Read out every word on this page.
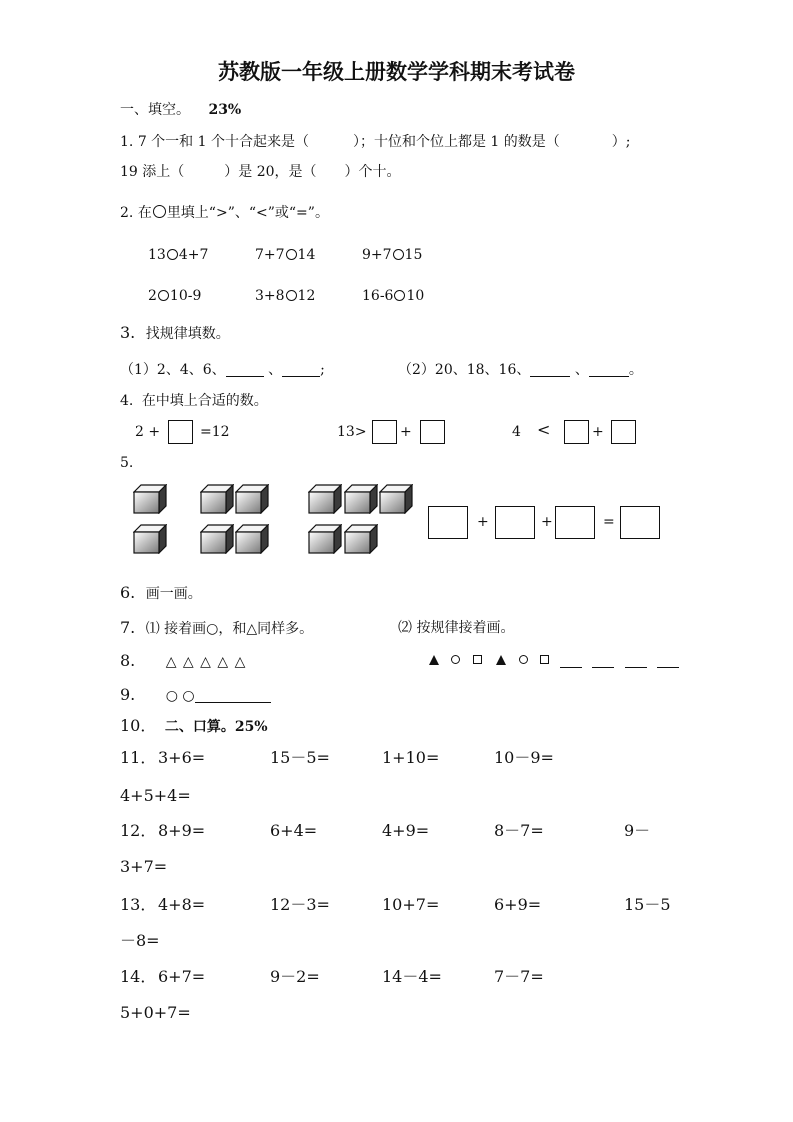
苏教版一年级上册数学学科期末考试卷
一、填空。 23%
1. 7 个一和 1 个十合起来是（	）；十位和个位上都是 1 的数是（	）;
19 添上（	）是 20，是（ ）个十。
2. 在 里填上“>”、“<”或“=”。
13 4+7	7+7 14	9+7 15
2 10-9	3+8 12	16-6 10
3. 找规律填数。
（1）2、4、6、	、	;	（2）20、18、16、	、	。
4. 在中填上合适的数。
2 +	=12	13> +	4 <	+
5.
+	+	=
6. 画一画。
7. ⑴ 接着画○，和△同样多。	⑵ 按规律接着画。
8. △ △ △ △ △

9. ○ ○
10． 二、口算。25%
11． 3+6=	15－5=	1+10=	10－9=
4+5+4=
12． 8+9=	6+4=	4+9=	8－7=	9－
3+7=
13． 4+8=	12－3=	10+7=	6+9=	15－5
－8=
14． 6+7=	9－2=	14－4=	7－7=
5+0+7=
